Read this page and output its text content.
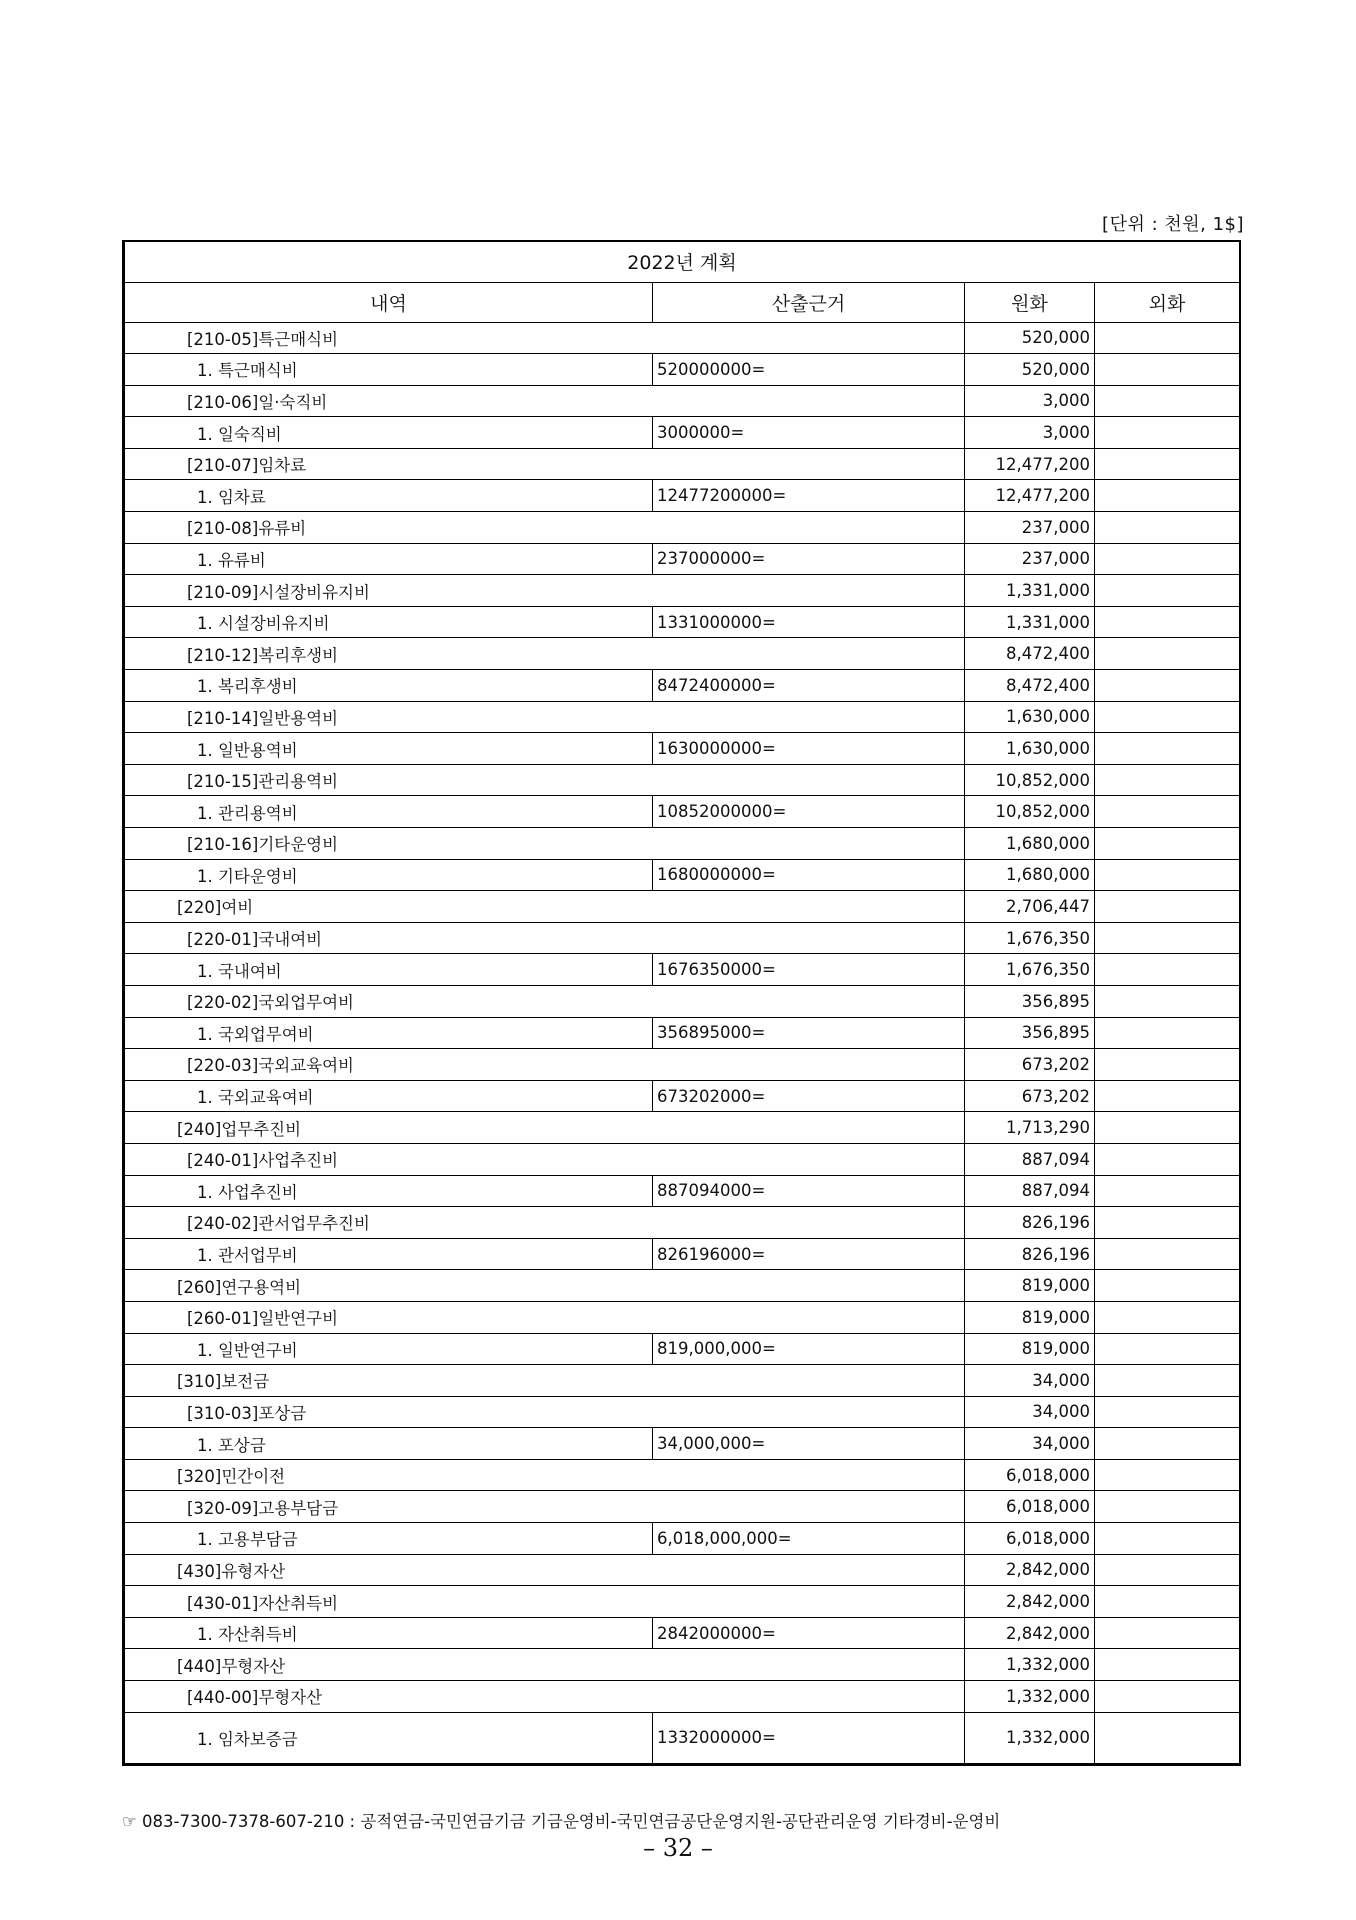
[단위 : 천원, 1$]
2022년 계획			
내역	산출근거	원화	외화
[210-05]특근매식비		520,000	
1. 특근매식비	520000000=	520,000	
[210-06]일·숙직비		3,000	
1. 일숙직비	3000000=	3,000	
[210-07]임차료		12,477,200	
1. 임차료	12477200000=	12,477,200	
[210-08]유류비		237,000	
1. 유류비	237000000=	237,000	
[210-09]시설장비유지비		1,331,000	
1. 시설장비유지비	1331000000=	1,331,000	
[210-12]복리후생비		8,472,400	
1. 복리후생비	8472400000=	8,472,400	
[210-14]일반용역비		1,630,000	
1. 일반용역비	1630000000=	1,630,000	
[210-15]관리용역비		10,852,000	
1. 관리용역비	10852000000=	10,852,000	
[210-16]기타운영비		1,680,000	
1. 기타운영비	1680000000=	1,680,000	
[220]여비		2,706,447	
[220-01]국내여비		1,676,350	
1. 국내여비	1676350000=	1,676,350	
[220-02]국외업무여비		356,895	
1. 국외업무여비	356895000=	356,895	
[220-03]국외교육여비		673,202	
1. 국외교육여비	673202000=	673,202	
[240]업무추진비		1,713,290	
[240-01]사업추진비		887,094	
1. 사업추진비	887094000=	887,094	
[240-02]관서업무추진비		826,196	
1. 관서업무비	826196000=	826,196	
[260]연구용역비		819,000	
[260-01]일반연구비		819,000	
1. 일반연구비	819,000,000=	819,000	
[310]보전금		34,000	
[310-03]포상금		34,000	
1. 포상금	34,000,000=	34,000	
[320]민간이전		6,018,000	
[320-09]고용부담금		6,018,000	
1. 고용부담금	6,018,000,000=	6,018,000	
[430]유형자산		2,842,000	
[430-01]자산취득비		2,842,000	
1. 자산취득비	2842000000=	2,842,000	
[440]무형자산		1,332,000	
[440-00]무형자산		1,332,000	
1. 임차보증금	1332000000=	1,332,000	
☞ 083-7300-7378-607-210 : 공적연금-국민연금기금 기금운영비-국민연금공단운영지원-공단관리운영 기타경비-운영비
– 32 –
